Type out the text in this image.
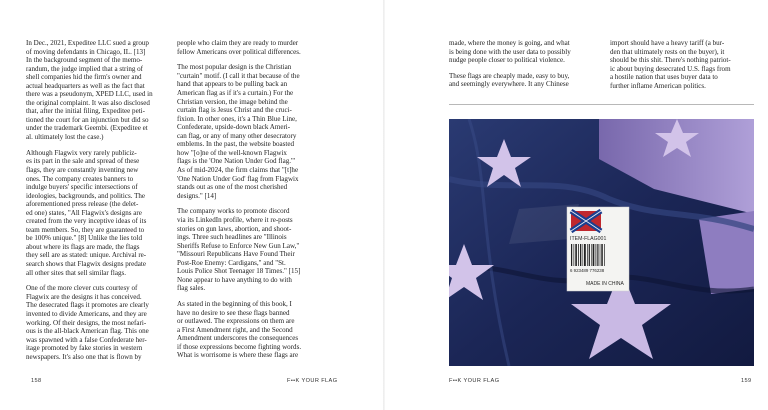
In Dec., 2021, Expeditee LLC sued a group
of moving defendants in Chicago, IL. [13]
In the background segment of the memo-
randum, the judge implied that a string of
shell companies hid the firm's owner and
actual headquarters as well as the fact that
there was a pseudonym, XPED LLC, used in
the original complaint. It was also disclosed
that, after the initial filing, Expeditee peti-
tioned the court for an injunction but did so
under the trademark Geembi. (Expeditee et
al. ultimately lost the case.)

Although Flagwix very rarely publiciz-
es its part in the sale and spread of these
flags, they are constantly inventing new
ones. The company creates banners to
indulge buyers' specific intersections of
ideologies, backgrounds, and politics. The
aforementioned press release (the delet-
ed one) states, "All Flagwix's designs are
created from the very inceptive ideas of its
team members. So, they are guaranteed to
be 100% unique." [8] Unlike the lies told
about where its flags are made, the flags
they sell are as stated: unique. Archival re-
search shows that Flagwix designs predate
all other sites that sell similar flags.

One of the more clever cuts courtesy of
Flagwix are the designs it has conceived.
The desecrated flags it promotes are clearly
invented to divide Americans, and they are
working. Of their designs, the most nefari-
ous is the all-black American flag. This one
was spawned with a false Confederate her-
itage promoted by fake stories in western
newspapers. It's also one that is flown by

people who claim they are ready to murder
fellow Americans over political differences.

The most popular design is the Christian
"curtain" motif. (I call it that because of the
hand that appears to be pulling back an
American flag as if it's a curtain.) For the
Christian version, the image behind the
curtain flag is Jesus Christ and the cruci-
fixion. In other ones, it's a Thin Blue Line,
Confederate, upside-down black Ameri-
can flag, or any of many other desecratory
emblems. In the past, the website boasted
how "[o]ne of the well-known Flagwix
flags is the 'One Nation Under God flag.'"
As of mid-2024, the firm claims that "[t]he
'One Nation Under God' flag from Flagwix
stands out as one of the most cherished
designs." [14]

The company works to promote discord
via its LinkedIn profile, where it re-posts
stories on gun laws, abortion, and shoot-
ings. Three such headlines are "Illinois
Sheriffs Refuse to Enforce New Gun Law,"
"Missouri Republicans Have Found Their
Post-Roe Enemy: Cardigans," and "St.
Louis Police Shot Teenager 18 Times." [15]
None appear to have anything to do with
flag sales.

As stated in the beginning of this book, I
have no desire to see these flags banned
or outlawed. The expressions on them are
a First Amendment right, and the Second
Amendment underscores the consequences
if those expressions become fighting words.
What is worrisome is where these flags are

made, where the money is going, and what
is being done with the user data to possibly
nudge people closer to political violence.

These flags are cheaply made, easy to buy,
and seemingly everywhere. It any Chinese

import should have a heavy tariff (a bur-
den that ultimately rests on the buyer), it
should be this shit. There's nothing patriot-
ic about buying desecrated U.S. flags from
a hostile nation that uses buyer data to
further inflame American politics.

ITEM-FLAG001
6 923489 776238
MADE IN CHINA
158	F••K YOUR FLAG	F••K YOUR FLAG	159
